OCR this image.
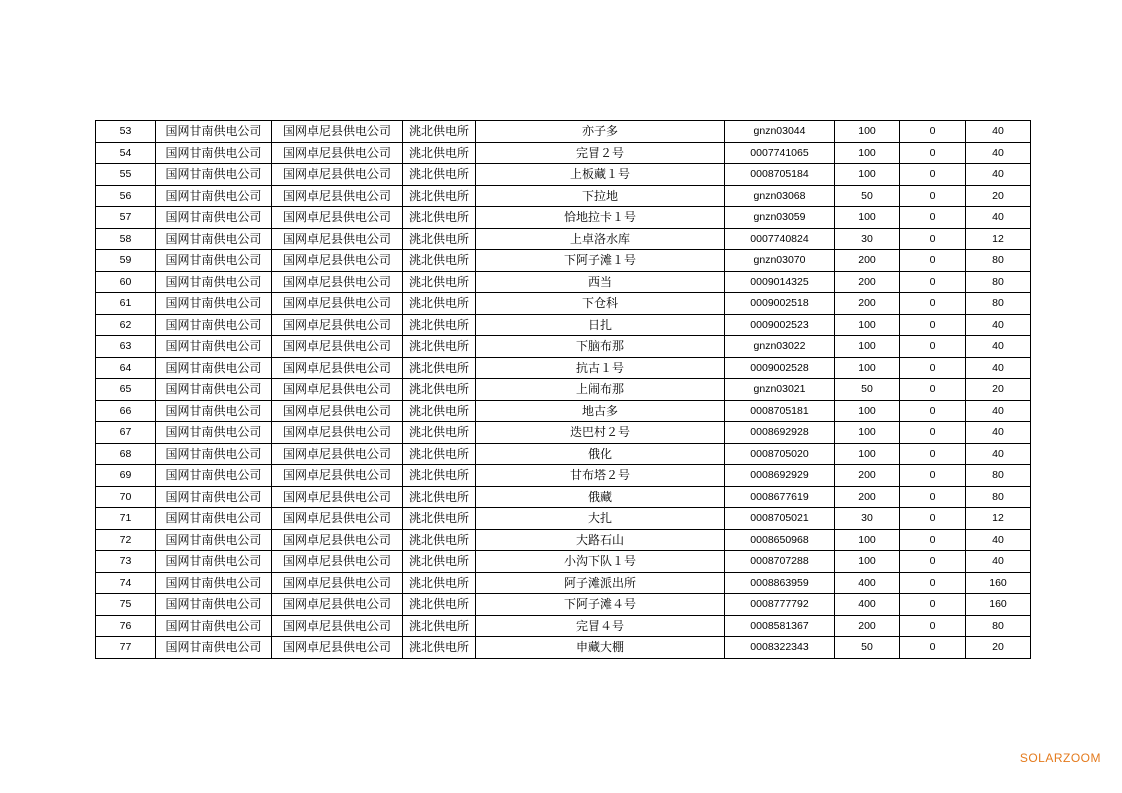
53	国网甘南供电公司	国网卓尼县供电公司	洮北供电所	亦子多	gnzn03044	100	0	40
54	国网甘南供电公司	国网卓尼县供电公司	洮北供电所	完冒２号	0007741065	100	0	40
55	国网甘南供电公司	国网卓尼县供电公司	洮北供电所	上板藏１号	0008705184	100	0	40
56	国网甘南供电公司	国网卓尼县供电公司	洮北供电所	下拉地	gnzn03068	50	0	20
57	国网甘南供电公司	国网卓尼县供电公司	洮北供电所	恰地拉卡１号	gnzn03059	100	0	40
58	国网甘南供电公司	国网卓尼县供电公司	洮北供电所	上卓洛水库	0007740824	30	0	12
59	国网甘南供电公司	国网卓尼县供电公司	洮北供电所	下阿子滩１号	gnzn03070	200	0	80
60	国网甘南供电公司	国网卓尼县供电公司	洮北供电所	西当	0009014325	200	0	80
61	国网甘南供电公司	国网卓尼县供电公司	洮北供电所	下仓科	0009002518	200	0	80
62	国网甘南供电公司	国网卓尼县供电公司	洮北供电所	日扎	0009002523	100	0	40
63	国网甘南供电公司	国网卓尼县供电公司	洮北供电所	下脑布那	gnzn03022	100	0	40
64	国网甘南供电公司	国网卓尼县供电公司	洮北供电所	抗古１号	0009002528	100	0	40
65	国网甘南供电公司	国网卓尼县供电公司	洮北供电所	上闹布那	gnzn03021	50	0	20
66	国网甘南供电公司	国网卓尼县供电公司	洮北供电所	地古多	0008705181	100	0	40
67	国网甘南供电公司	国网卓尼县供电公司	洮北供电所	迭巴村２号	0008692928	100	0	40
68	国网甘南供电公司	国网卓尼县供电公司	洮北供电所	俄化	0008705020	100	0	40
69	国网甘南供电公司	国网卓尼县供电公司	洮北供电所	甘布塔２号	0008692929	200	0	80
70	国网甘南供电公司	国网卓尼县供电公司	洮北供电所	俄藏	0008677619	200	0	80
71	国网甘南供电公司	国网卓尼县供电公司	洮北供电所	大扎	0008705021	30	0	12
72	国网甘南供电公司	国网卓尼县供电公司	洮北供电所	大路石山	0008650968	100	0	40
73	国网甘南供电公司	国网卓尼县供电公司	洮北供电所	小沟下队１号	0008707288	100	0	40
74	国网甘南供电公司	国网卓尼县供电公司	洮北供电所	阿子滩派出所	0008863959	400	0	160
75	国网甘南供电公司	国网卓尼县供电公司	洮北供电所	下阿子滩４号	0008777792	400	0	160
76	国网甘南供电公司	国网卓尼县供电公司	洮北供电所	完冒４号	0008581367	200	0	80
77	国网甘南供电公司	国网卓尼县供电公司	洮北供电所	申藏大棚	0008322343	50	0	20
SOLARZOOM
